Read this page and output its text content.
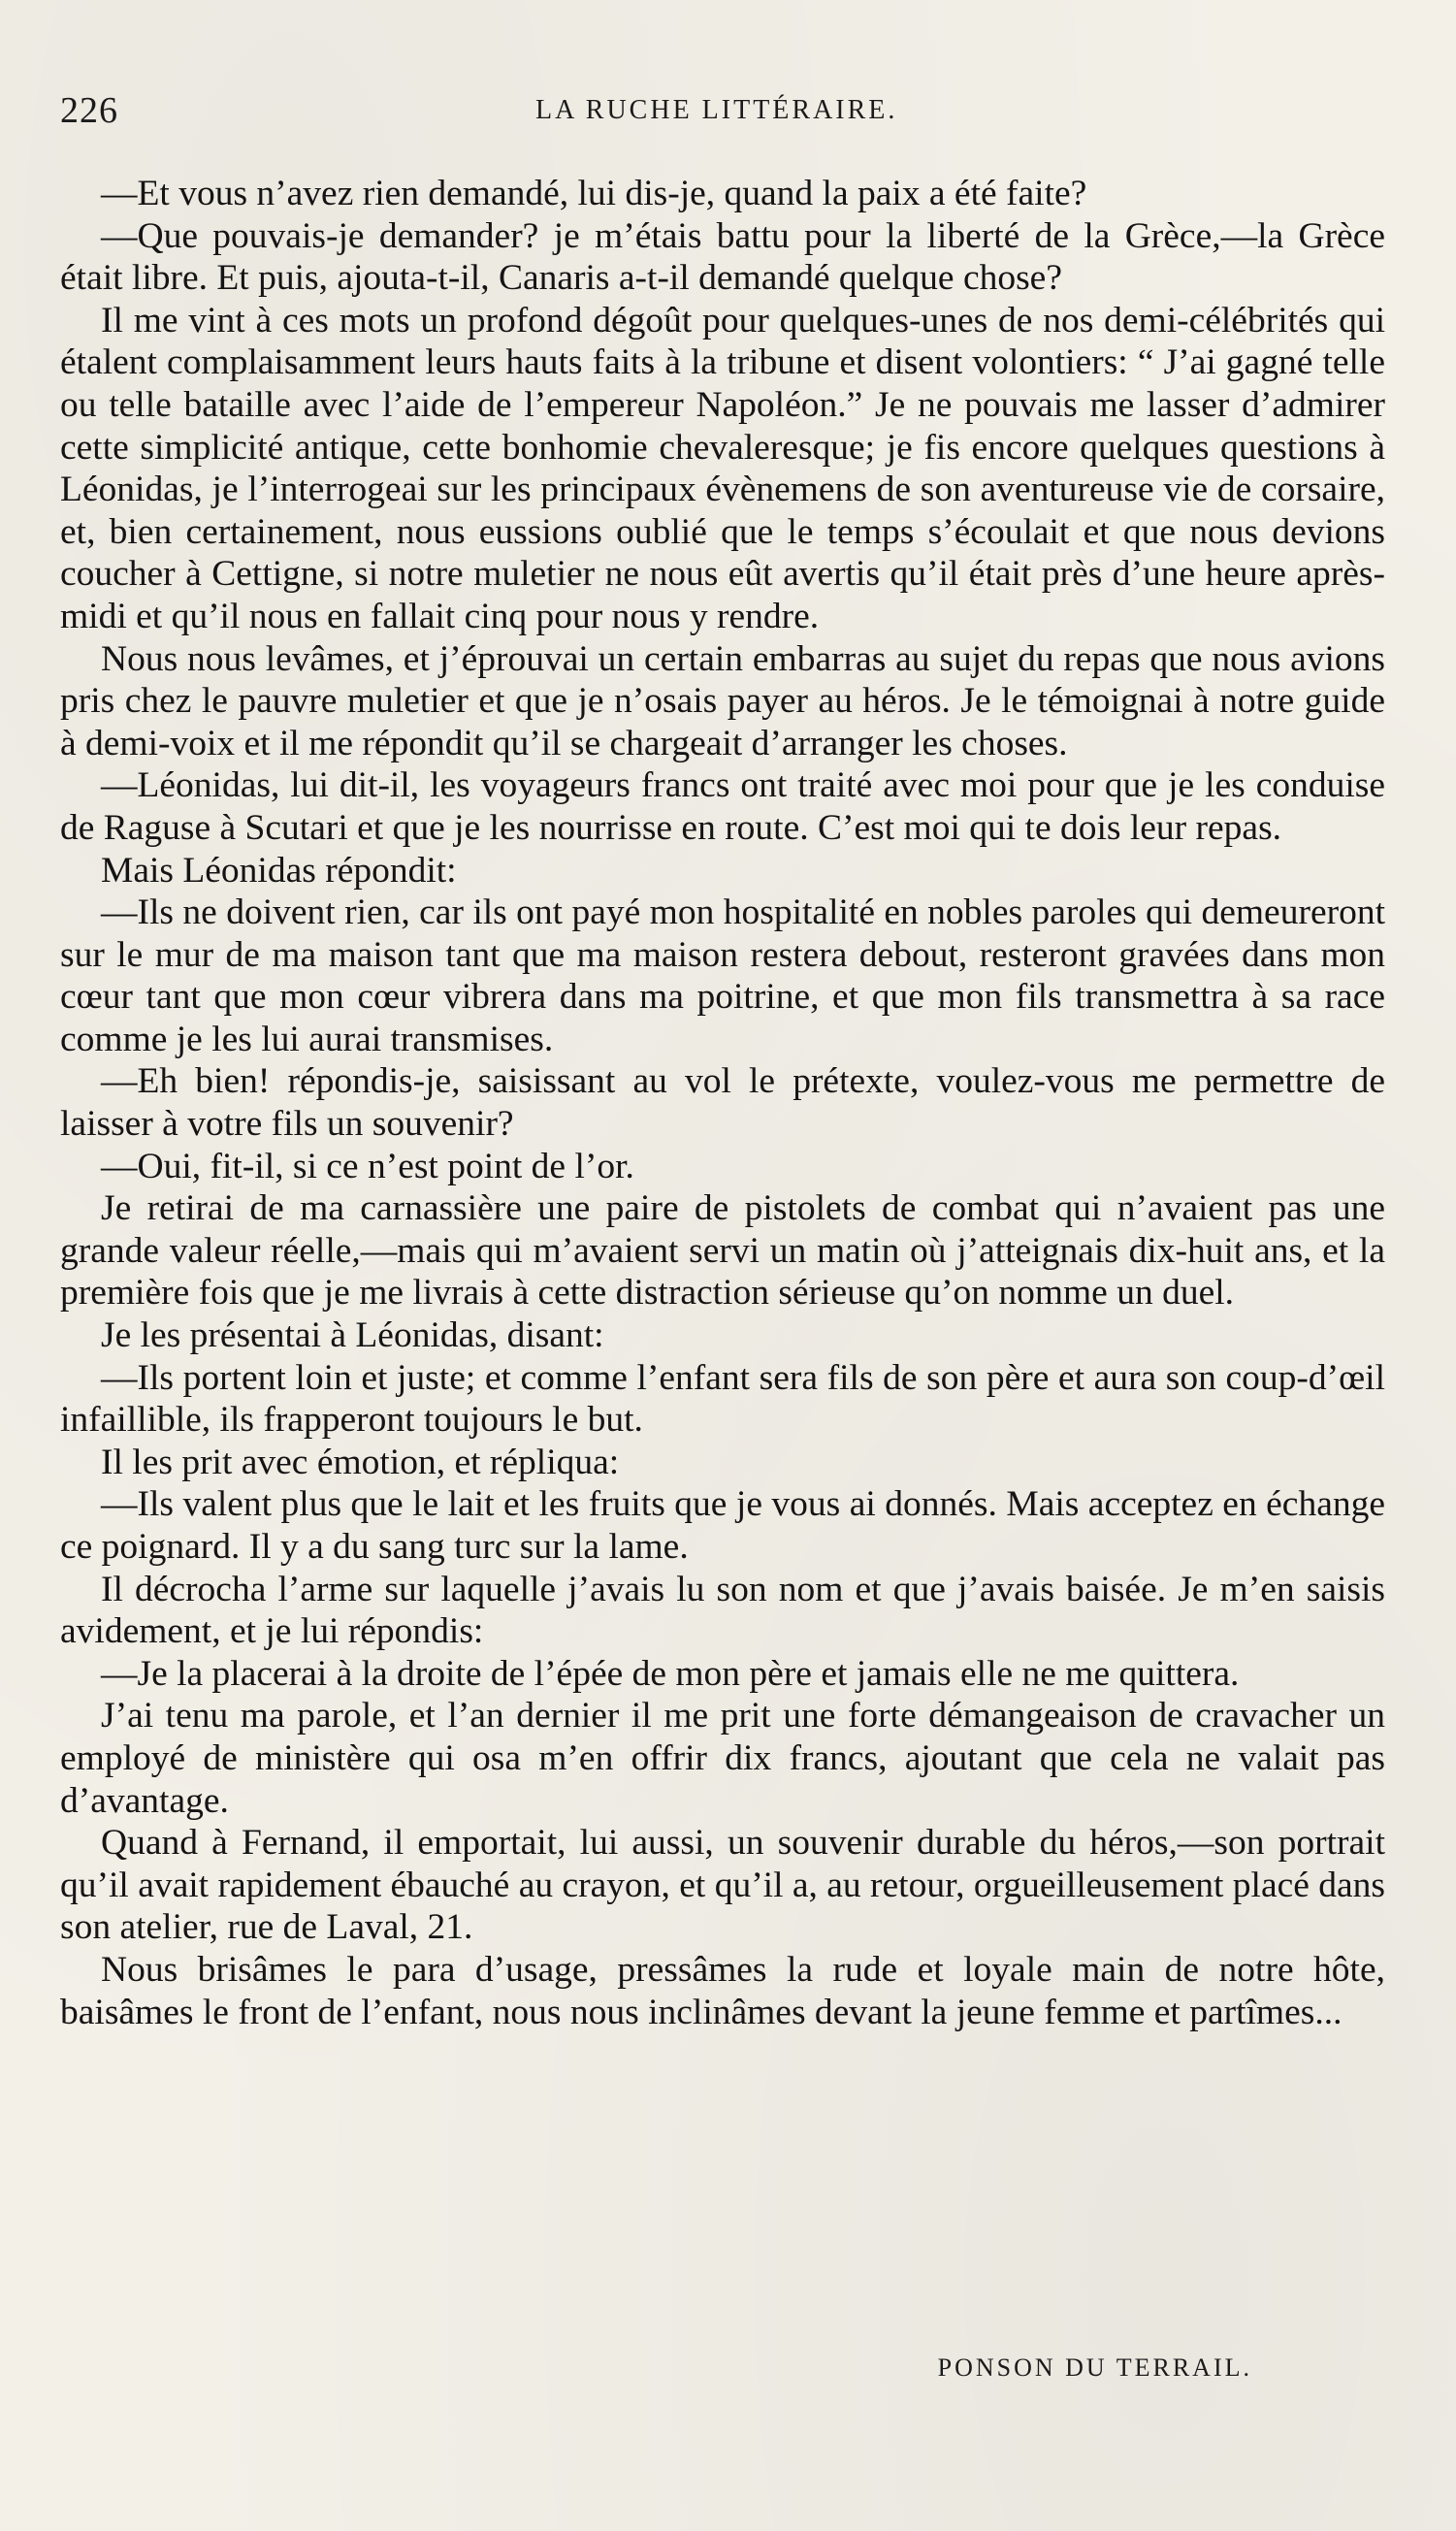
226	LA RUCHE LITTÉRAIRE.

—Et vous n’avez rien demandé, lui dis-je, quand la paix a été faite?

—Que pouvais-je demander? je m’étais battu pour la liberté de la Grèce,—la Grèce était libre. Et puis, ajouta-t-il, Canaris a-t-il demandé quelque chose?

Il me vint à ces mots un profond dégoût pour quelques-unes de nos demi-célébrités qui étalent complaisamment leurs hauts faits à la tribune et disent volontiers: “ J’ai gagné telle ou telle bataille avec l’aide de l’empereur Napoléon.” Je ne pouvais me lasser d’admirer cette simplicité antique, cette bonhomie chevaleresque; je fis encore quelques questions à Léonidas, je l’interrogeai sur les principaux évènemens de son aventureuse vie de corsaire, et, bien certainement, nous eussions oublié que le temps s’écoulait et que nous devions coucher à Cettigne, si notre muletier ne nous eût avertis qu’il était près d’une heure après-midi et qu’il nous en fallait cinq pour nous y rendre.

Nous nous levâmes, et j’éprouvai un certain embarras au sujet du repas que nous avions pris chez le pauvre muletier et que je n’osais payer au héros. Je le témoignai à notre guide à demi-voix et il me répondit qu’il se chargeait d’arranger les choses.

—Léonidas, lui dit-il, les voyageurs francs ont traité avec moi pour que je les conduise de Raguse à Scutari et que je les nourrisse en route. C’est moi qui te dois leur repas.

Mais Léonidas répondit:

—Ils ne doivent rien, car ils ont payé mon hospitalité en nobles paroles qui demeureront sur le mur de ma maison tant que ma maison restera debout, resteront gravées dans mon cœur tant que mon cœur vibrera dans ma poitrine, et que mon fils transmettra à sa race comme je les lui aurai transmises.

—Eh bien! répondis-je, saisissant au vol le prétexte, voulez-vous me permettre de laisser à votre fils un souvenir?

—Oui, fit-il, si ce n’est point de l’or.

Je retirai de ma carnassière une paire de pistolets de combat qui n’avaient pas une grande valeur réelle,—mais qui m’avaient servi un matin où j’atteignais dix-huit ans, et la première fois que je me livrais à cette distraction sérieuse qu’on nomme un duel.

Je les présentai à Léonidas, disant:

—Ils portent loin et juste; et comme l’enfant sera fils de son père et aura son coup-d’œil infaillible, ils frapperont toujours le but.

Il les prit avec émotion, et répliqua:

—Ils valent plus que le lait et les fruits que je vous ai donnés. Mais acceptez en échange ce poignard. Il y a du sang turc sur la lame.

Il décrocha l’arme sur laquelle j’avais lu son nom et que j’avais baisée. Je m’en saisis avidement, et je lui répondis:

—Je la placerai à la droite de l’épée de mon père et jamais elle ne me quittera.

J’ai tenu ma parole, et l’an dernier il me prit une forte démangeaison de cravacher un employé de ministère qui osa m’en offrir dix francs, ajoutant que cela ne valait pas d’avantage.

Quand à Fernand, il emportait, lui aussi, un souvenir durable du héros,—son portrait qu’il avait rapidement ébauché au crayon, et qu’il a, au retour, orgueilleusement placé dans son atelier, rue de Laval, 21.

Nous brisâmes le para d’usage, pressâmes la rude et loyale main de notre hôte, baisâmes le front de l’enfant, nous nous inclinâmes devant la jeune femme et partîmes...

PONSON DU TERRAIL.
